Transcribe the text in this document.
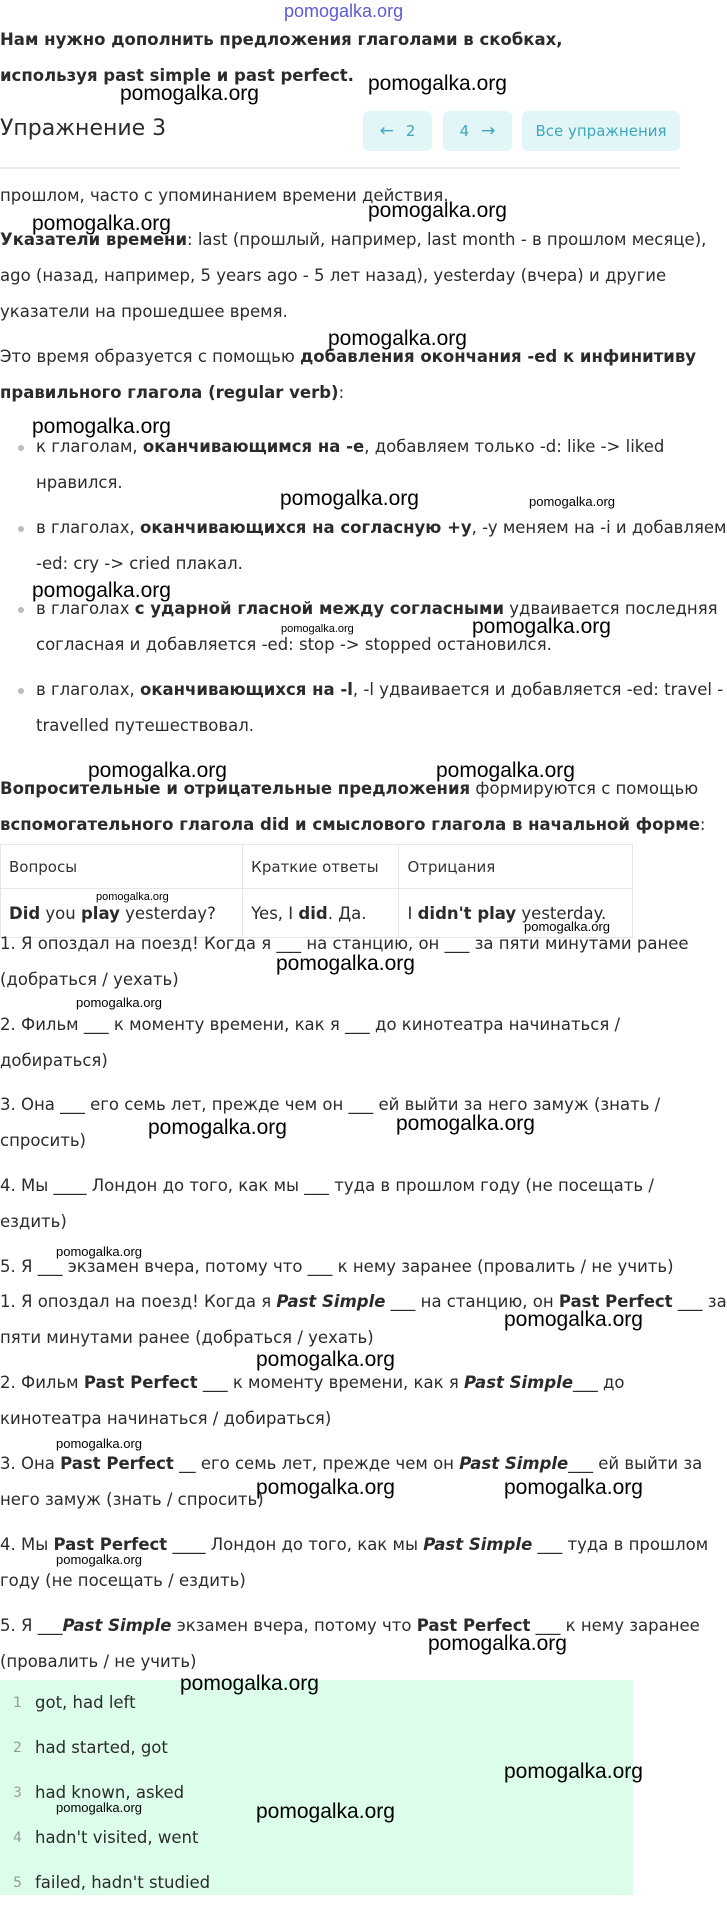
pomogalka.org
Нам нужно дополнить предложения глаголами в скобках, используя past simple и past perfect.
Упражнение 3	← 2	4 →	Все упражнения
прошлом, часто с упоминанием времени действия.
Указатели времени: last (прошлый, например, last month - в прошлом месяце),
ago (назад, например, 5 years ago - 5 лет назад), yesterday (вчера) и другие
указатели на прошедшее время.
Это время образуется с помощью добавления окончания -ed к инфинитиву
правильного глагола (regular verb):
к глаголам, оканчивающимся на -e, добавляем только -d: like -> liked
нравился.
в глаголах, оканчивающихся на согласную +y, -y меняем на -i и добавляем
-ed: cry -> cried плакал.
в глаголах с ударной гласной между согласными удваивается последняя
согласная и добавляется -ed: stop -> stopped остановился.
в глаголах, оканчивающихся на -l, -l удваивается и добавляется -ed: travel -
travelled путешествовал.
Вопросительные и отрицательные предложения формируются с помощью
вспомогательного глагола did и смыслового глагола в начальной форме:
Вопросы	Краткие ответы	Отрицания
Did you play yesterday?	Yes, I did. Да.	I didn't play yesterday.
1. Я опоздал на поезд! Когда я ___ на станцию, он ___ за пяти минутами ранее
(добраться / уехать)
2. Фильм ___ к моменту времени, как я ___ до кинотеатра начинаться /
добираться)
3. Она ___ его семь лет, прежде чем он ___ ей выйти за него замуж (знать /
спросить)
4. Мы ____ Лондон до того, как мы ___ туда в прошлом году (не посещать /
ездить)
5. Я ___ экзамен вчера, потому что ___ к нему заранее (провалить / не учить)
1. Я опоздал на поезд! Когда я Past Simple ___ на станцию, он Past Perfect ___ за
пяти минутами ранее (добраться / уехать)
2. Фильм Past Perfect ___ к моменту времени, как я Past Simple___ до
кинотеатра начинаться / добираться)
3. Она Past Perfect __ его семь лет, прежде чем он Past Simple___ ей выйти за
него замуж (знать / спросить)
4. Мы Past Perfect ____ Лондон до того, как мы Past Simple ___ туда в прошлом
году (не посещать / ездить)
5. Я ___Past Simple экзамен вчера, потому что Past Perfect ___ к нему заранее
(провалить / не учить)
1 got, had left
2 had started, got
3 had known, asked
4 hadn't visited, went
5 failed, hadn't studied
pomogalka.org	pomogalka.org
pomogalka.org
pomogalka.org
pomogalka.org
pomogalka.org
pomogalka.org	pomogalka.org
pomogalka.org
pomogalka.org	pomogalka.org
pomogalka.org	pomogalka.org
pomogalka.org
pomogalka.org
pomogalka.org
pomogalka.org
pomogalka.org	pomogalka.org
pomogalka.org
pomogalka.org
pomogalka.org
pomogalka.org
pomogalka.org	pomogalka.org
pomogalka.org
pomogalka.org
pomogalka.org
pomogalka.org
pomogalka.org	pomogalka.org
